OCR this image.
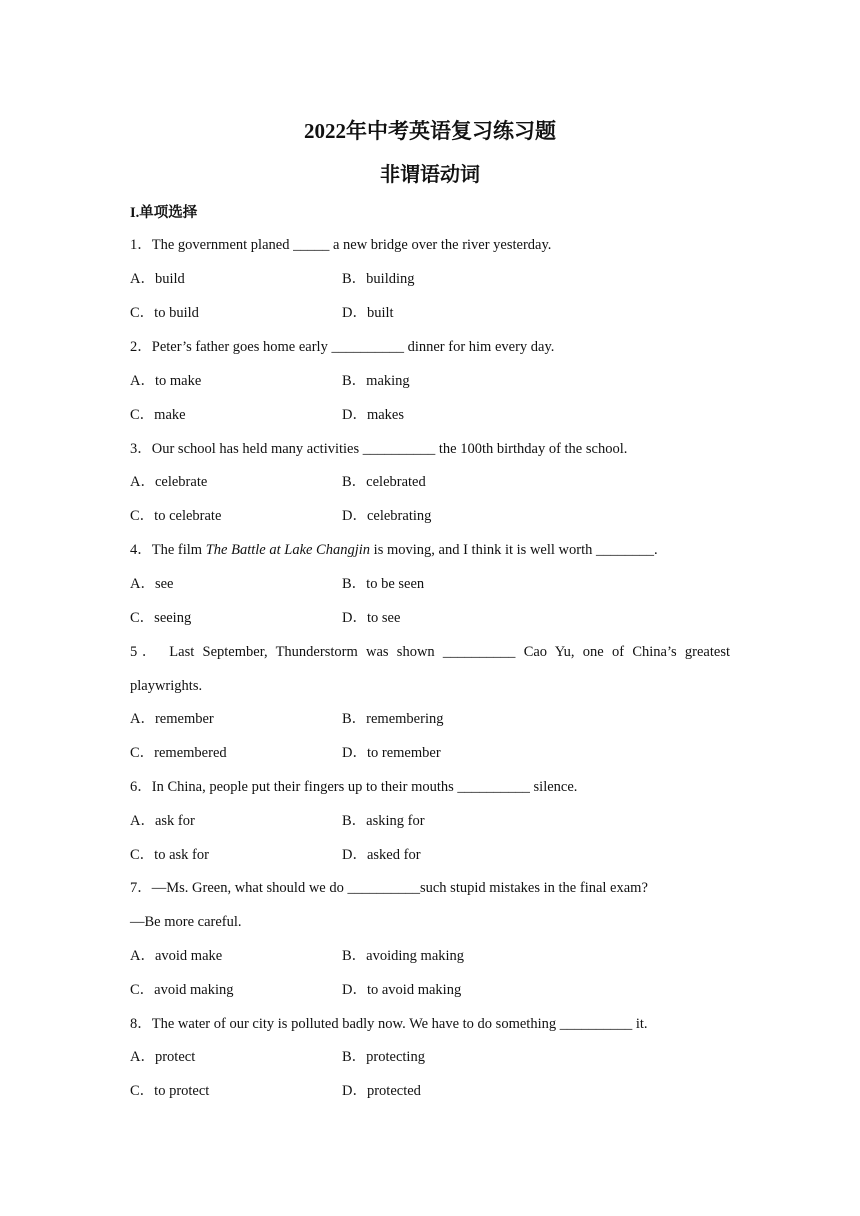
2022年中考英语复习练习题
非谓语动词
I.单项选择
1．The government planed _____ a new bridge over the river yesterday.
A．build	B．building
C．to build	D．built
2．Peter’s father goes home early __________ dinner for him every day.
A．to make	B．making
C．make	D．makes
3．Our school has held many activities __________ the 100th birthday of the school.
A．celebrate	B．celebrated
C．to celebrate	D．celebrating
4．The film The Battle at Lake Changjin is moving, and I think it is well worth ________.
A．see	B．to be seen
C．seeing	D．to see
5． Last September, Thunderstorm was shown __________ Cao Yu, one of China’s greatest
playwrights.
A．remember	B．remembering
C．remembered	D．to remember
6．In China, people put their fingers up to their mouths __________ silence.
A．ask for	B．asking for
C．to ask for	D．asked for
7．—Ms. Green, what should we do __________such stupid mistakes in the final exam?
—Be more careful.
A．avoid make	B．avoiding making
C．avoid making	D．to avoid making
8．The water of our city is polluted badly now. We have to do something __________ it.
A．protect	B．protecting
C．to protect	D．protected
